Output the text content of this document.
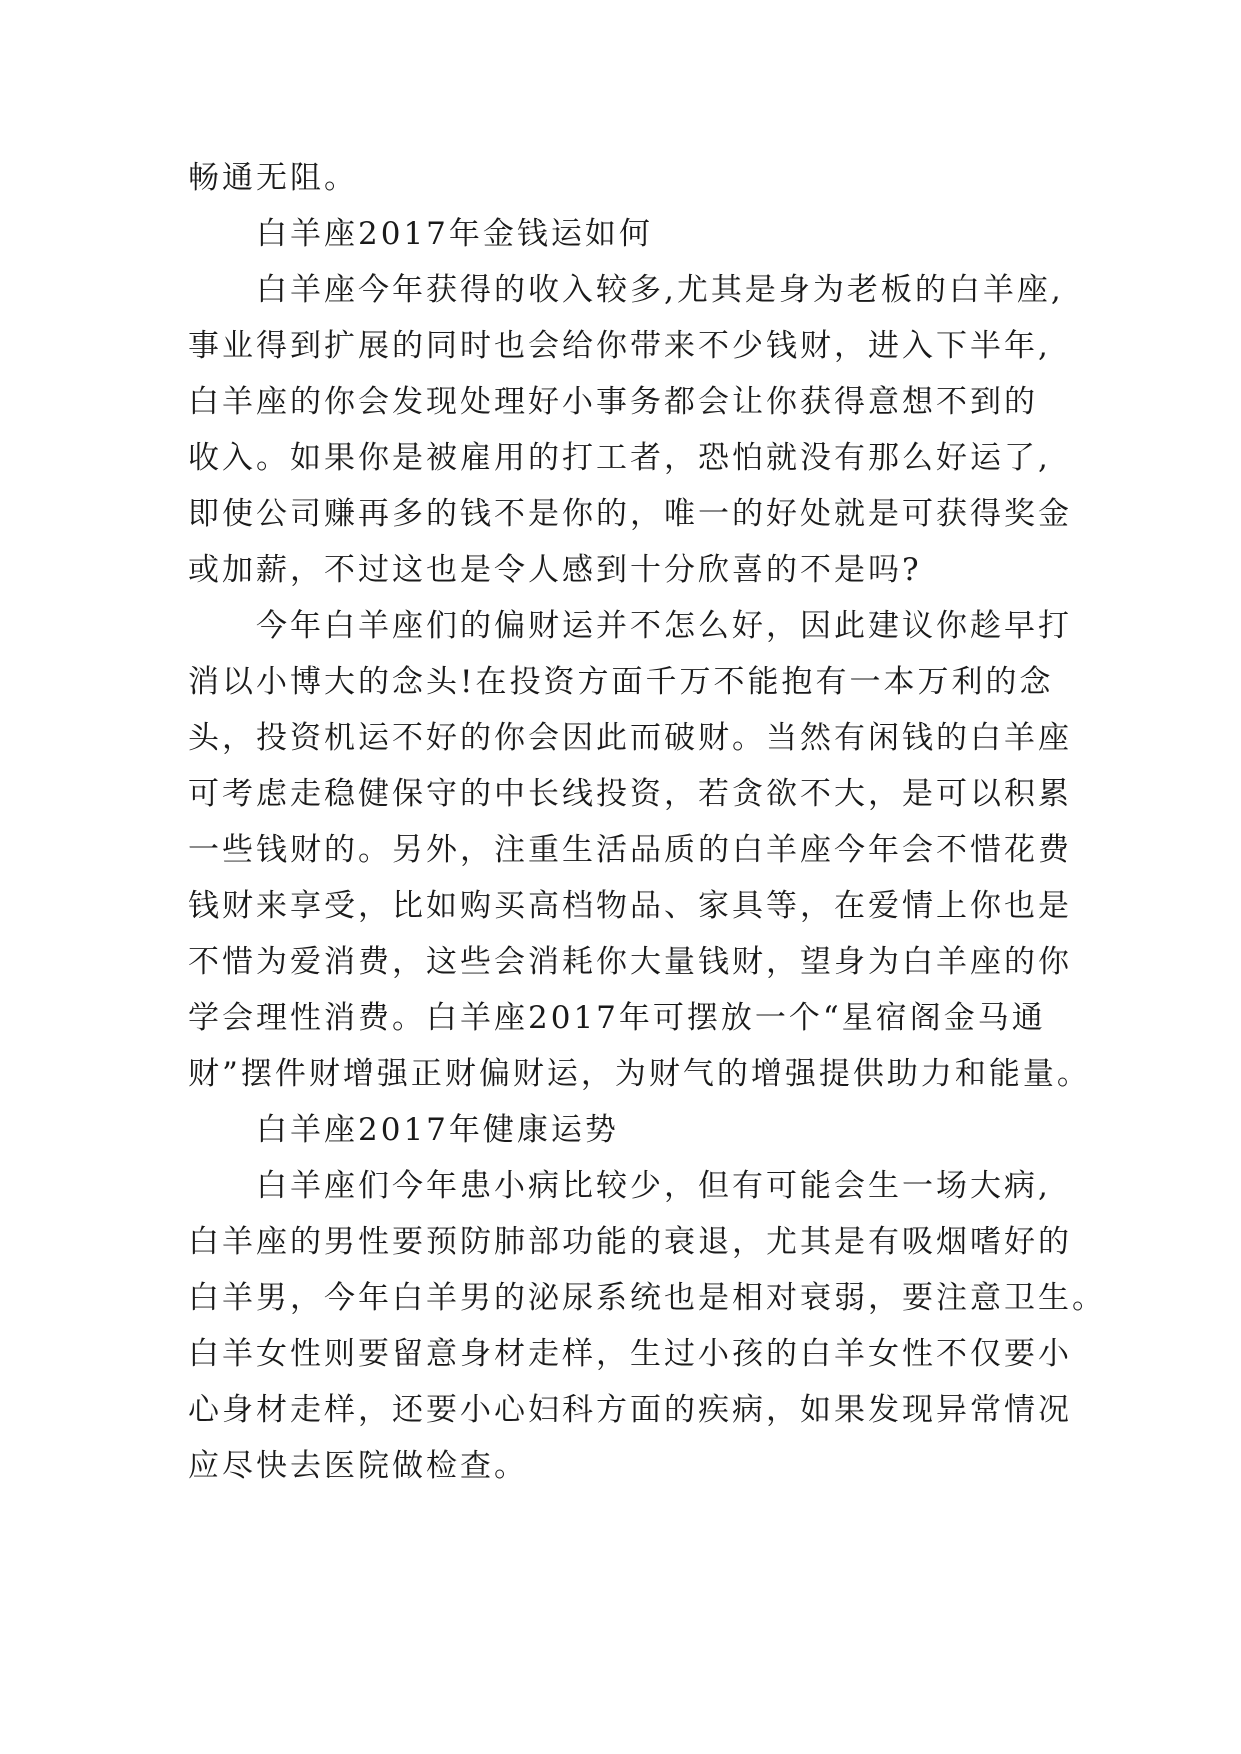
畅通无阻。
白羊座2017年金钱运如何
白羊座今年获得的收入较多,尤其是身为老板的白羊座,
事业得到扩展的同时也会给你带来不少钱财，进入下半年,
白羊座的你会发现处理好小事务都会让你获得意想不到的
收入。如果你是被雇用的打工者，恐怕就没有那么好运了,
即使公司赚再多的钱不是你的，唯一的好处就是可获得奖金
或加薪，不过这也是令人感到十分欣喜的不是吗?
今年白羊座们的偏财运并不怎么好，因此建议你趁早打
消以小博大的念头!在投资方面千万不能抱有一本万利的念
头，投资机运不好的你会因此而破财。当然有闲钱的白羊座
可考虑走稳健保守的中长线投资，若贪欲不大，是可以积累
一些钱财的。另外，注重生活品质的白羊座今年会不惜花费
钱财来享受，比如购买高档物品、家具等，在爱情上你也是
不惜为爱消费，这些会消耗你大量钱财，望身为白羊座的你
学会理性消费。白羊座2017年可摆放一个“星宿阁金马通
财”摆件财增强正财偏财运，为财气的增强提供助力和能量。
白羊座2017年健康运势
白羊座们今年患小病比较少，但有可能会生一场大病,
白羊座的男性要预防肺部功能的衰退，尤其是有吸烟嗜好的
白羊男，今年白羊男的泌尿系统也是相对衰弱，要注意卫生。
白羊女性则要留意身材走样，生过小孩的白羊女性不仅要小
心身材走样，还要小心妇科方面的疾病，如果发现异常情况
应尽快去医院做检查。
